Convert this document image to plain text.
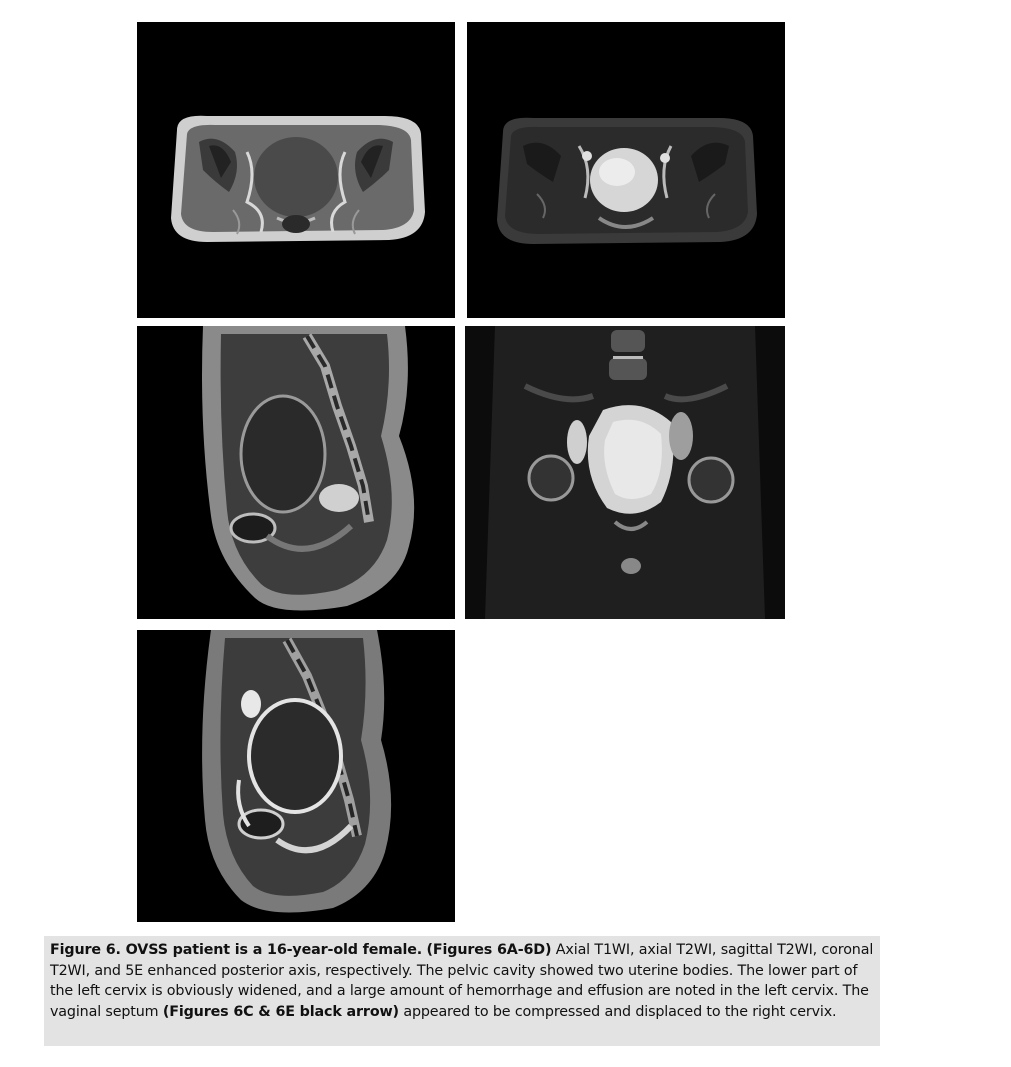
Figure 6. OVSS patient is a 16-year-old female. (Figures 6A-6D) Axial T1WI, axial T2WI, sagittal T2WI, coronal T2WI, and 5E enhanced posterior axis, respectively. The pelvic cavity showed two uterine bodies. The lower part of the left cervix is obviously widened, and a large amount of hemorrhage and effusion are noted in the left cervix. The vaginal septum (Figures 6C & 6E black arrow) appeared to be compressed and displaced to the right cervix.
